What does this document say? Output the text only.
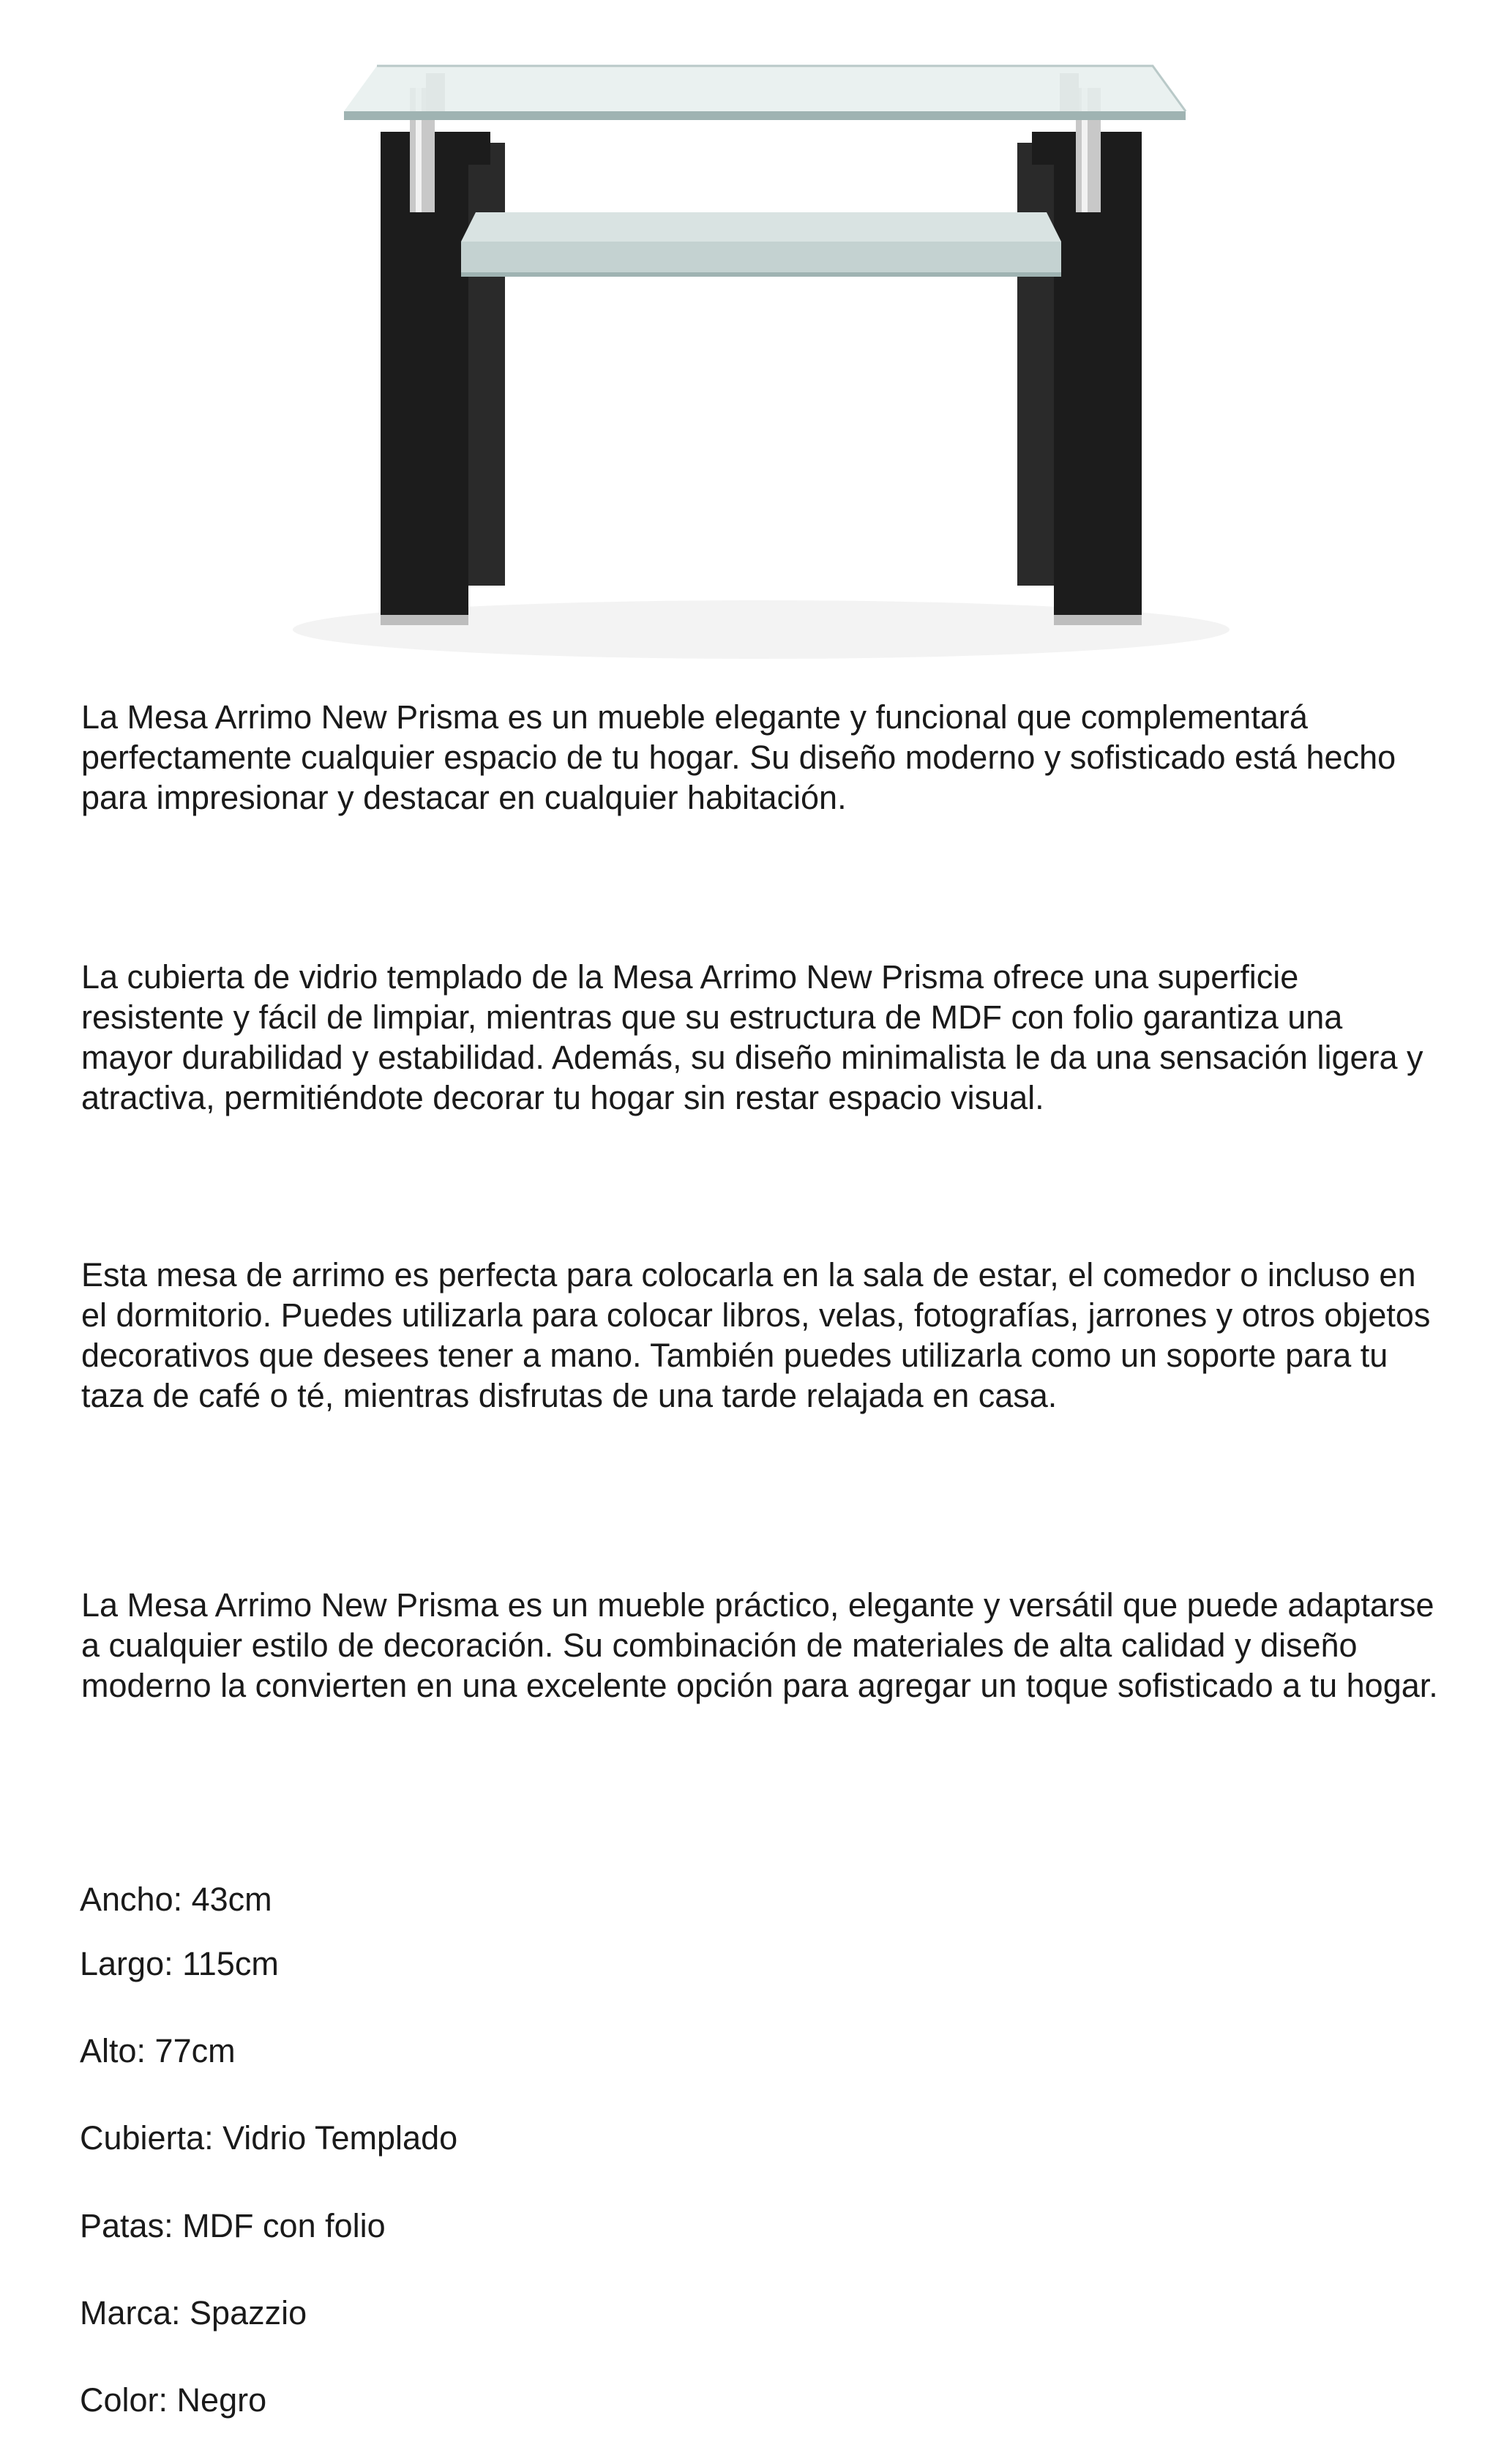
La Mesa Arrimo New Prisma es un mueble elegante y funcional que complementará perfectamente cualquier espacio de tu hogar. Su diseño moderno y sofisticado está hecho para impresionar y destacar en cualquier habitación.

La cubierta de vidrio templado de la Mesa Arrimo New Prisma ofrece una superficie resistente y fácil de limpiar, mientras que su estructura de MDF con folio garantiza una mayor durabilidad y estabilidad. Además, su diseño minimalista le da una sensación ligera y atractiva, permitiéndote decorar tu hogar sin restar espacio visual.

Esta mesa de arrimo es perfecta para colocarla en la sala de estar, el comedor o incluso en el dormitorio. Puedes utilizarla para colocar libros, velas, fotografías, jarrones y otros objetos decorativos que desees tener a mano. También puedes utilizarla como un soporte para tu taza de café o té, mientras disfrutas de una tarde relajada en casa.

La Mesa Arrimo New Prisma es un mueble práctico, elegante y versátil que puede adaptarse a cualquier estilo de decoración. Su combinación de materiales de alta calidad y diseño moderno la convierten en una excelente opción para agregar un toque sofisticado a tu hogar.

Ancho: 43cm

Largo: 115cm

Alto: 77cm

Cubierta: Vidrio Templado

Patas: MDF con folio

Marca: Spazzio

Color: Negro
